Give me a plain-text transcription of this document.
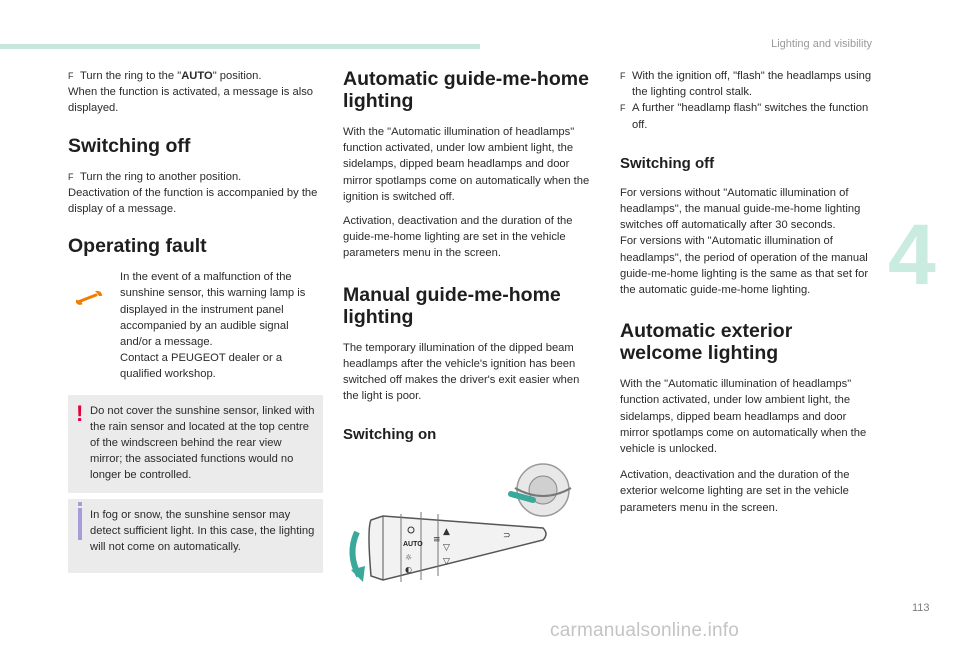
Lighting and visibility
4

F Turn the ring to the "AUTO" position.

When the function is activated, a message is also displayed.

Switching off

F Turn the ring to another position.

Deactivation of the function is accompanied by the display of a message.

Operating fault

In the event of a malfunction of the sunshine sensor, this warning lamp is displayed in the instrument panel accompanied by an audible signal and/or a message.

Contact a PEUGEOT dealer or a qualified workshop.

! Do not cover the sunshine sensor, linked with the rain sensor and located at the top centre of the windscreen behind the rear view mirror; the associated functions would no longer be controlled.
In fog or snow, the sunshine sensor may detect sufficient light. In this case, the lighting will not come on automatically.
Automatic guide-me-home lighting

With the "Automatic illumination of headlamps" function activated, under low ambient light, the sidelamps, dipped beam headlamps and door mirror spotlamps come on automatically when the ignition is switched off.

Activation, deactivation and the duration of the guide-me-home lighting are set in the vehicle parameters menu in the screen.

Manual guide-me-home lighting

The temporary illumination of the dipped beam headlamps after the vehicle's ignition has been switched off makes the driver's exit easier when the light is poor.

Switching on
AUTO
☼
◐
▲
▽
▽
≡	⊃

F With the ignition off, "flash" the headlamps using the lighting control stalk.

F A further "headlamp flash" switches the function off.

Switching off

For versions without "Automatic illumination of headlamps", the manual guide-me-home lighting switches off automatically after 30 seconds.

For versions with "Automatic illumination of headlamps", the period of operation of the manual guide-me-home lighting is the same as that set for the automatic guide-me-home lighting.

Automatic exterior welcome lighting

With the "Automatic illumination of headlamps" function activated, under low ambient light, the sidelamps, dipped beam headlamps and door mirror spotlamps come on automatically when the vehicle is unlocked.

Activation, deactivation and the duration of the exterior welcome lighting are set in the vehicle parameters menu in the screen.

113
carmanualsonline.info
